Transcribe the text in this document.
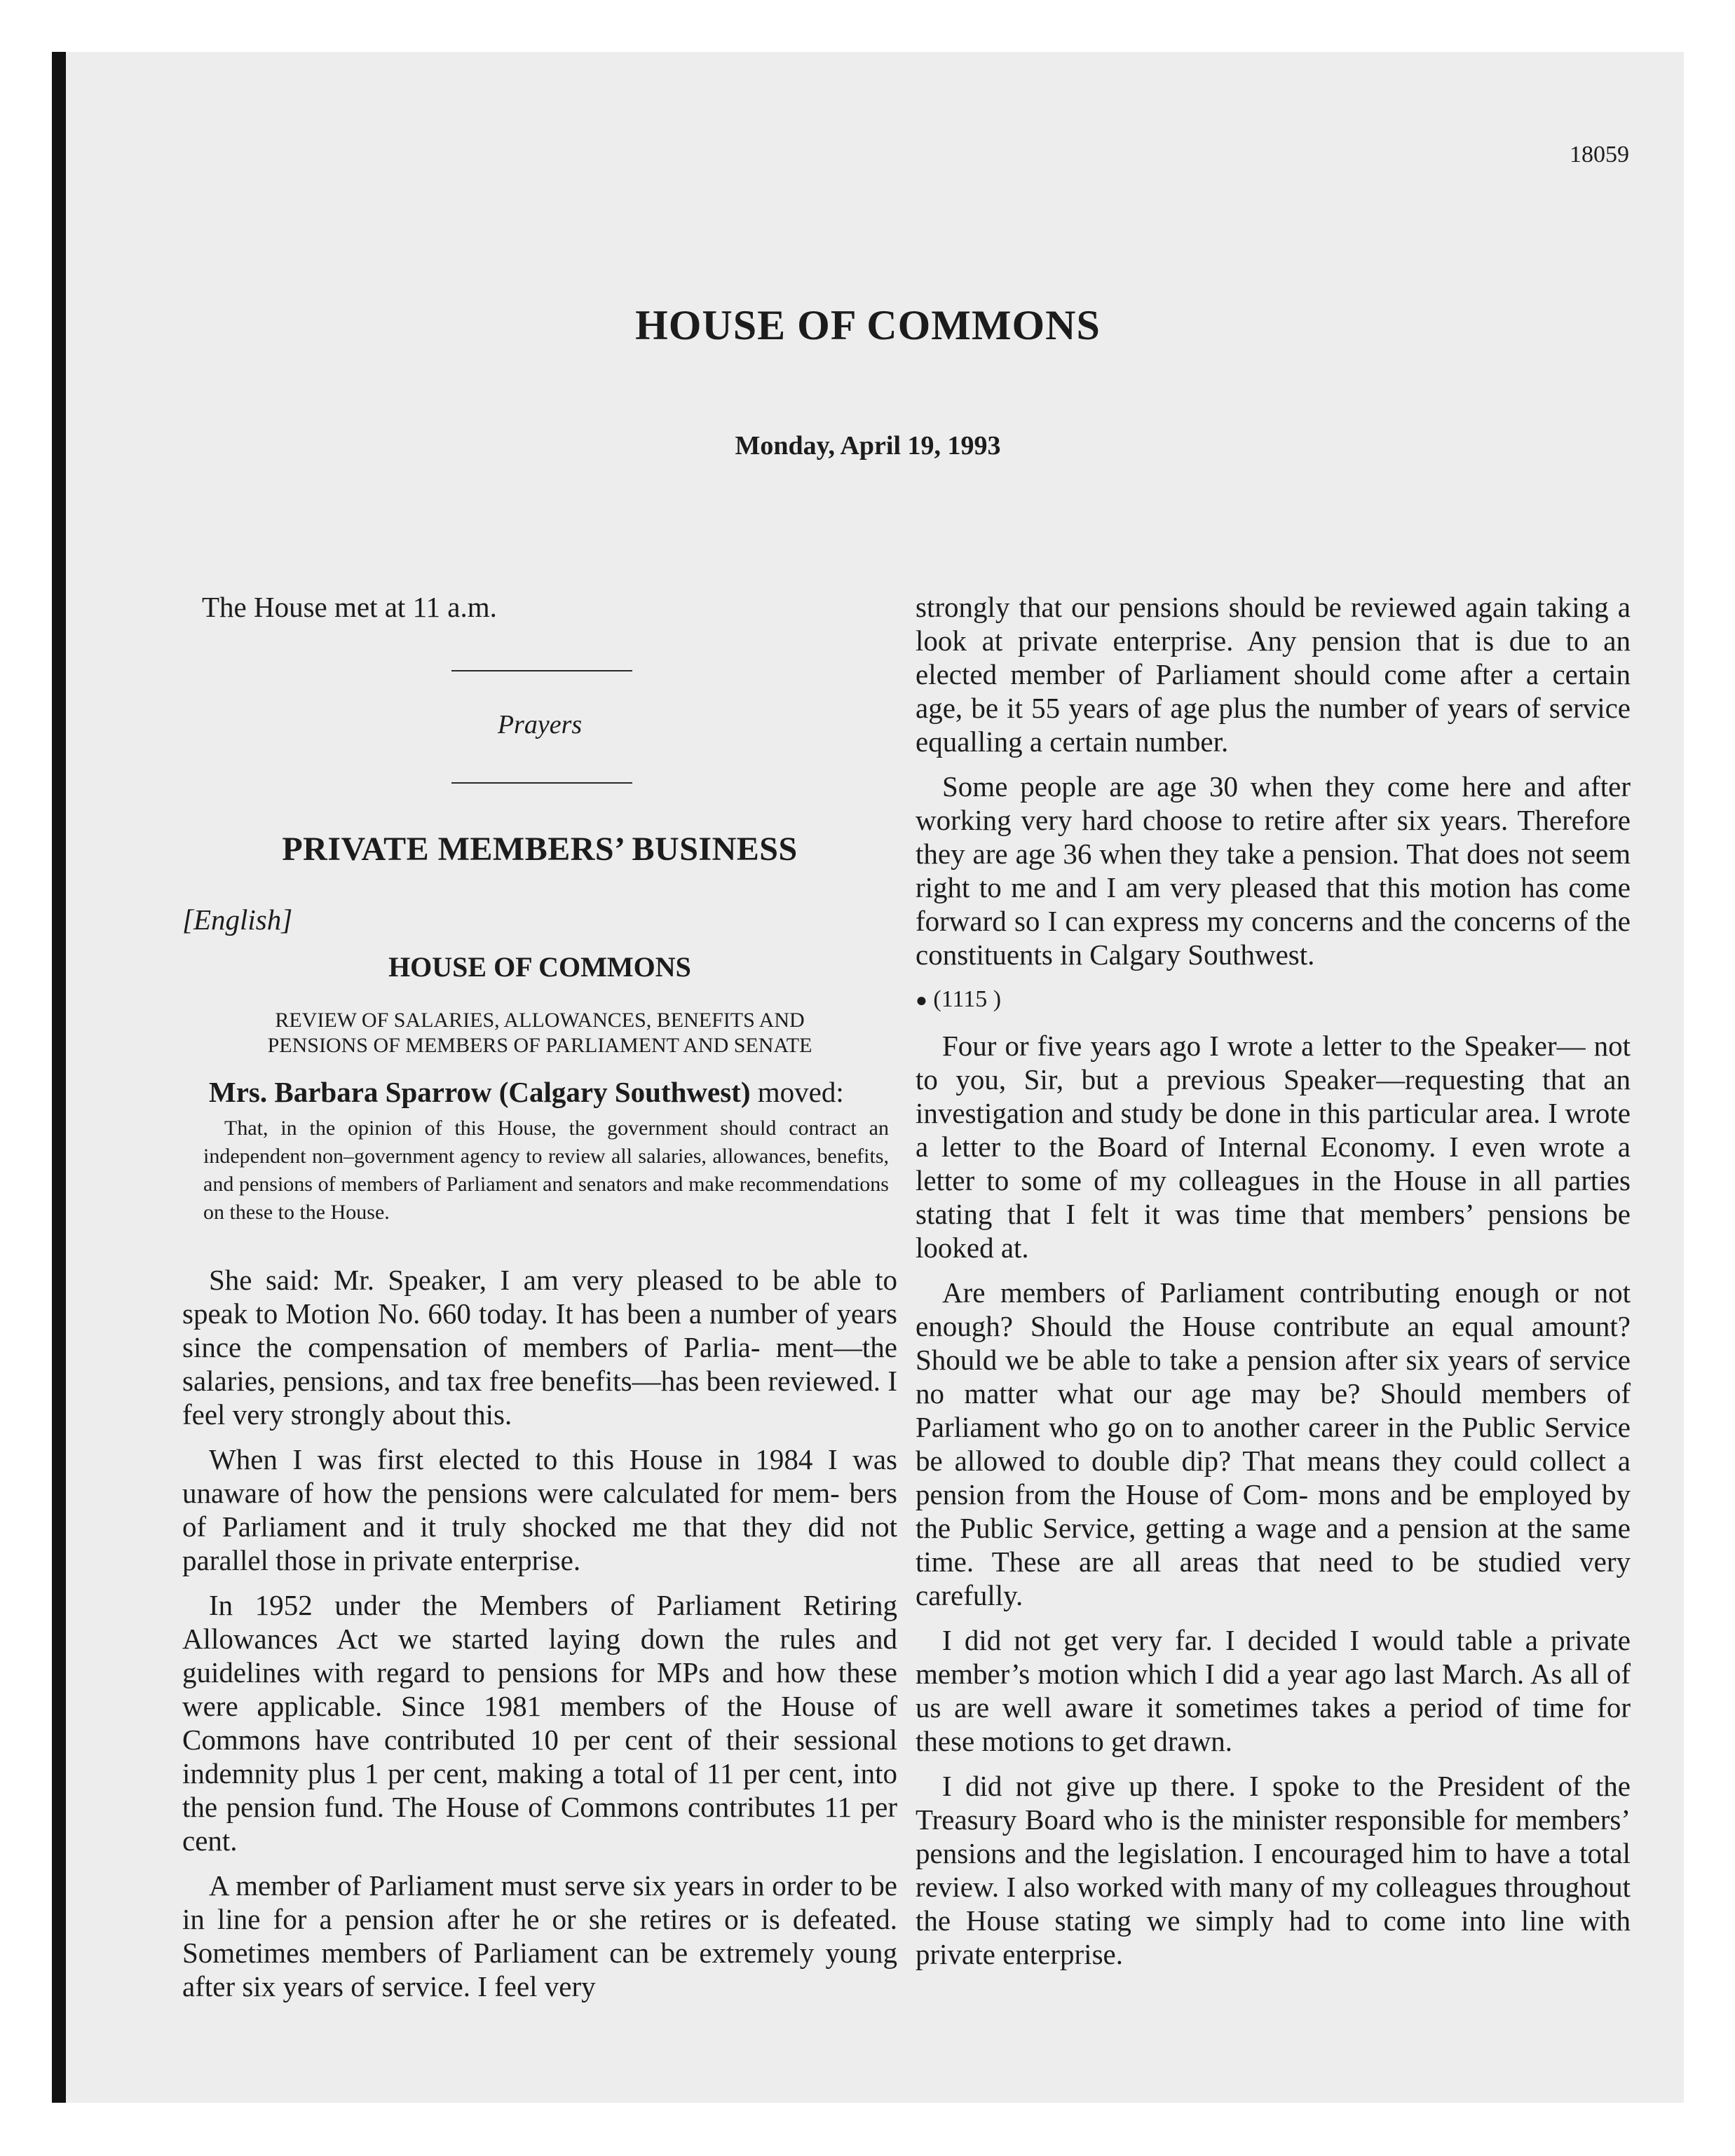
18059
HOUSE OF COMMONS
Monday, April 19, 1993
The House met at 11 a.m.
Prayers
PRIVATE MEMBERS’ BUSINESS
[English]
HOUSE OF COMMONS
REVIEW OF SALARIES, ALLOWANCES, BENEFITS AND
PENSIONS OF MEMBERS OF PARLIAMENT AND SENATE
Mrs. Barbara Sparrow (Calgary Southwest) moved:
That, in the opinion of this House, the government should contract an independent non–government agency to review all salaries, allowances, benefits, and pensions of members of Parliament and senators and make recommendations on these to the House.

She said: Mr. Speaker, I am very pleased to be able to speak to Motion No. 660 today. It has been a number of years since the compensation of members of Parlia- ment—the salaries, pensions, and tax free benefits—has been reviewed. I feel very strongly about this.

When I was first elected to this House in 1984 I was unaware of how the pensions were calculated for mem- bers of Parliament and it truly shocked me that they did not parallel those in private enterprise.

In 1952 under the Members of Parliament Retiring Allowances Act we started laying down the rules and guidelines with regard to pensions for MPs and how these were applicable. Since 1981 members of the House of Commons have contributed 10 per cent of their sessional indemnity plus 1 per cent, making a total of 11 per cent, into the pension fund. The House of Commons contributes 11 per cent.

A member of Parliament must serve six years in order to be in line for a pension after he or she retires or is defeated. Sometimes members of Parliament can be extremely young after six years of service. I feel very

strongly that our pensions should be reviewed again taking a look at private enterprise. Any pension that is due to an elected member of Parliament should come after a certain age, be it 55 years of age plus the number of years of service equalling a certain number.

Some people are age 30 when they come here and after working very hard choose to retire after six years. Therefore they are age 36 when they take a pension. That does not seem right to me and I am very pleased that this motion has come forward so I can express my concerns and the concerns of the constituents in Calgary Southwest.

● (1115 )

Four or five years ago I wrote a letter to the Speaker— not to you, Sir, but a previous Speaker—requesting that an investigation and study be done in this particular area. I wrote a letter to the Board of Internal Economy. I even wrote a letter to some of my colleagues in the House in all parties stating that I felt it was time that members’ pensions be looked at.

Are members of Parliament contributing enough or not enough? Should the House contribute an equal amount? Should we be able to take a pension after six years of service no matter what our age may be? Should members of Parliament who go on to another career in the Public Service be allowed to double dip? That means they could collect a pension from the House of Com- mons and be employed by the Public Service, getting a wage and a pension at the same time. These are all areas that need to be studied very carefully.

I did not get very far. I decided I would table a private member’s motion which I did a year ago last March. As all of us are well aware it sometimes takes a period of time for these motions to get drawn.

I did not give up there. I spoke to the President of the Treasury Board who is the minister responsible for members’ pensions and the legislation. I encouraged him to have a total review. I also worked with many of my colleagues throughout the House stating we simply had to come into line with private enterprise.
